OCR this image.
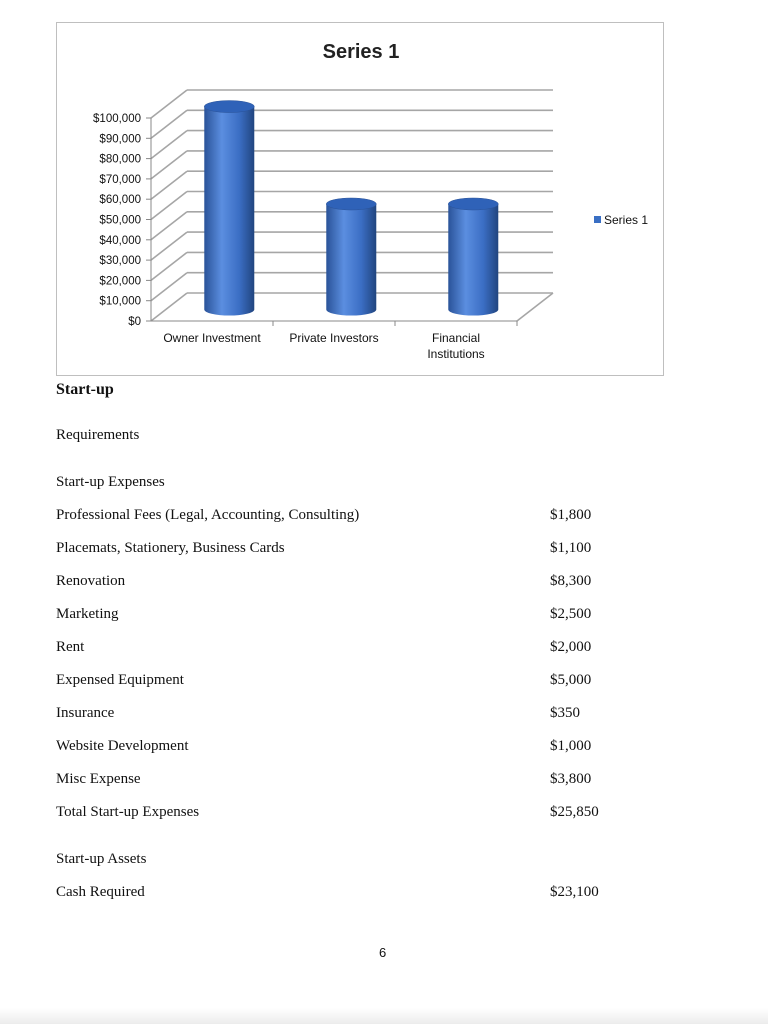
Series 1
$0
$10,000
$20,000
$30,000
$40,000
$50,000
$60,000
$70,000
$80,000
$90,000
$100,000
Owner Investment Private Investors	Financial
Institutions
Series 1
Start-up
Requirements
Start-up Expenses
Professional Fees (Legal, Accounting, Consulting)	$1,800
Placemats, Stationery, Business Cards	$1,100
Renovation	$8,300
Marketing	$2,500
Rent	$2,000
Expensed Equipment	$5,000
Insurance	$350
Website Development	$1,000
Misc Expense	$3,800
Total Start-up Expenses	$25,850
Start-up Assets
Cash Required	$23,100
6
